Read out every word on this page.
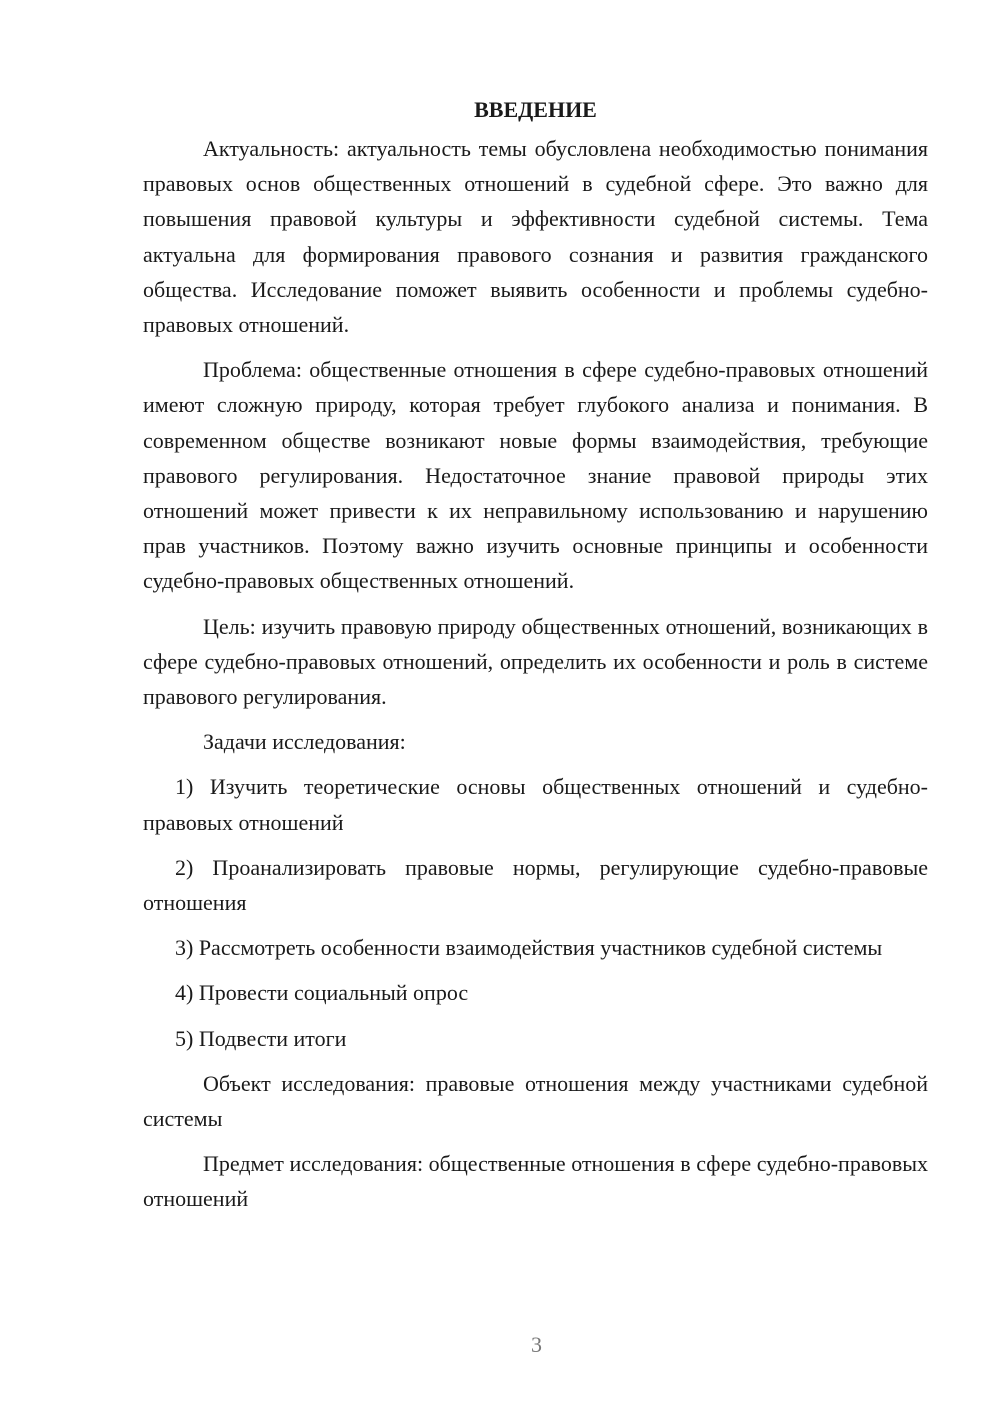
ВВЕДЕНИЕ

Актуальность: актуальность темы обусловлена необходимостью понимания правовых основ общественных отношений в судебной сфере. Это важно для повышения правовой культуры и эффективности судебной системы. Тема актуальна для формирования правового сознания и развития гражданского общества. Исследование поможет выявить особенности и проблемы судебно-правовых отношений.

Проблема: общественные отношения в сфере судебно-правовых отношений имеют сложную природу, которая требует глубокого анализа и понимания. В современном обществе возникают новые формы взаимодействия, требующие правового регулирования. Недостаточное знание правовой природы этих отношений может привести к их неправильному использованию и нарушению прав участников. Поэтому важно изучить основные принципы и особенности судебно-правовых общественных отношений.

Цель: изучить правовую природу общественных отношений, возникающих в сфере судебно-правовых отношений, определить их особенности и роль в системе правового регулирования.

Задачи исследования:

1) Изучить теоретические основы общественных отношений и судебно-правовых отношений

2) Проанализировать правовые нормы, регулирующие судебно-правовые отношения

3) Рассмотреть особенности взаимодействия участников судебной системы

4) Провести социальный опрос

5) Подвести итоги

Объект исследования: правовые отношения между участниками судебной системы

Предмет исследования: общественные отношения в сфере судебно-правовых отношений

3
